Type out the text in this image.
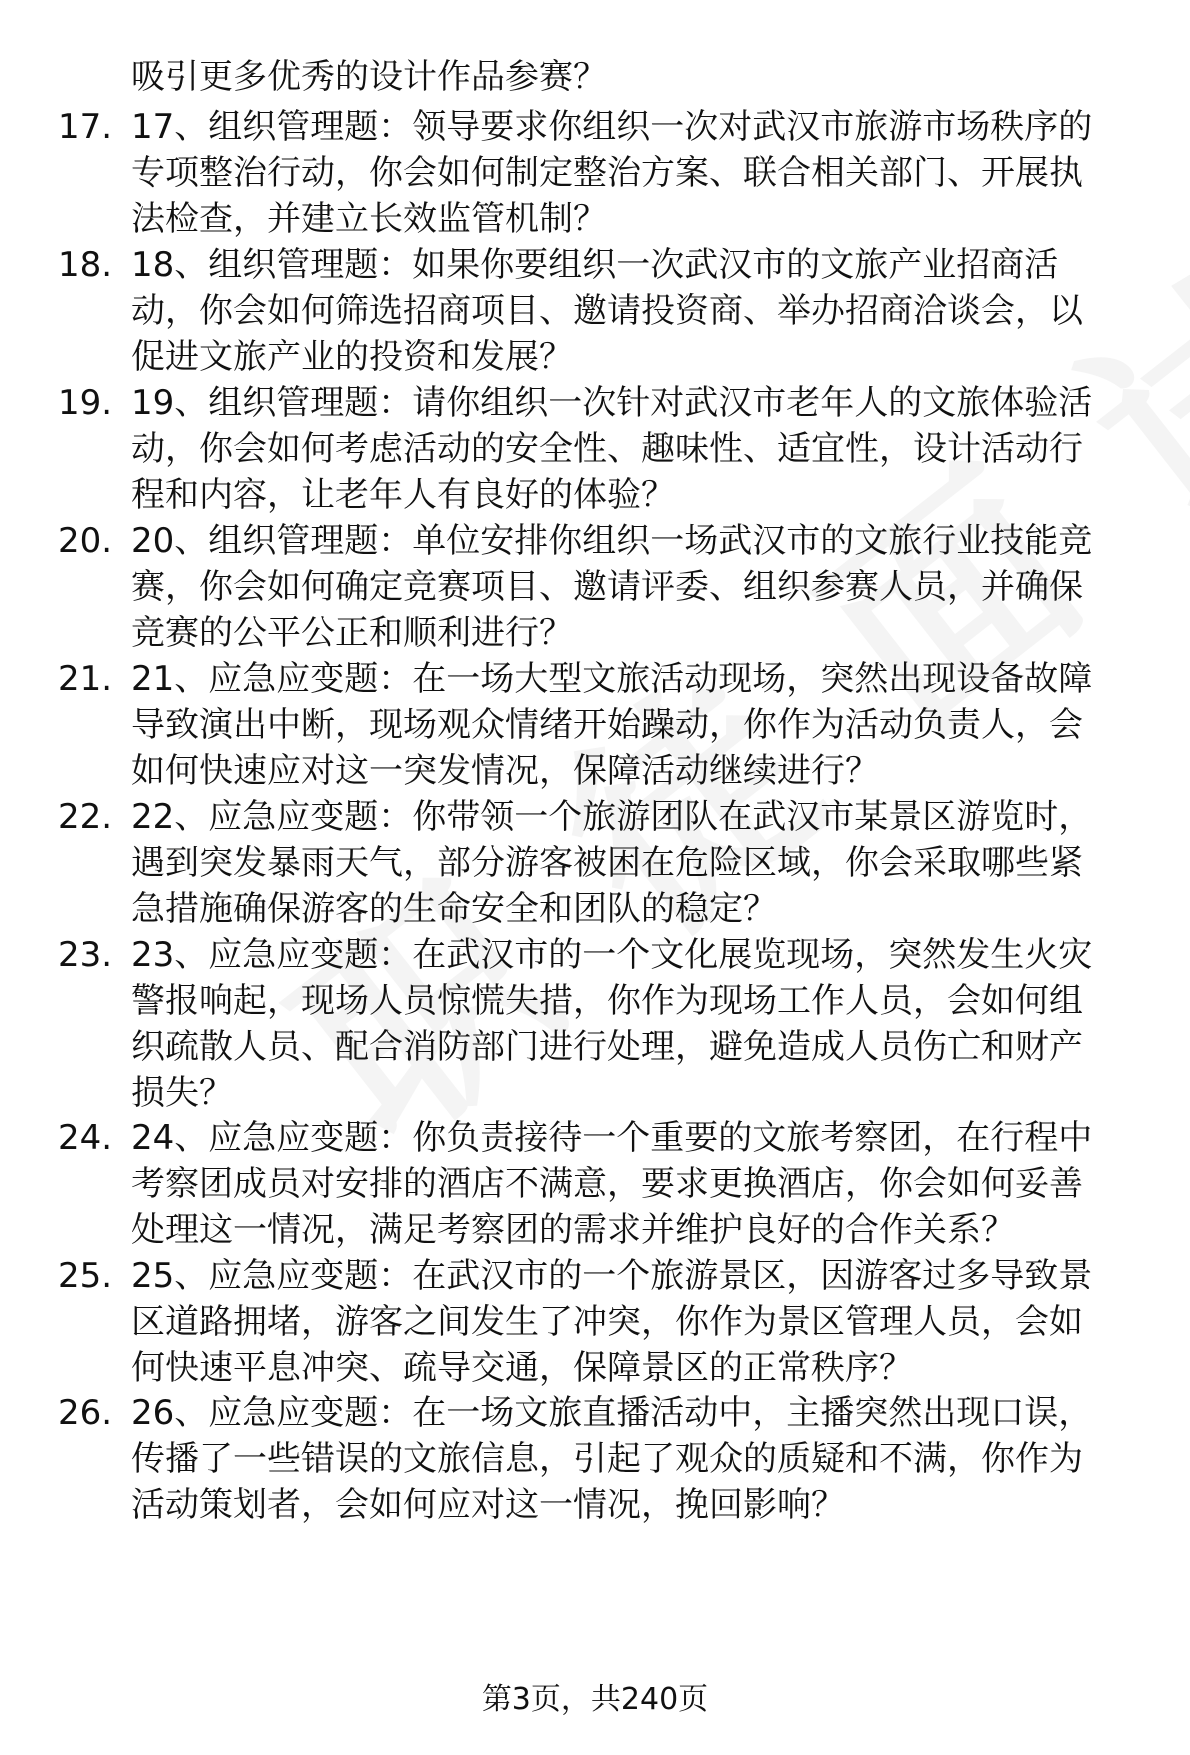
吸引更多优秀的设计作品参赛？
17. 17、组织管理题：领导要求你组织一次对武汉市旅游市场秩序的
专项整治行动，你会如何制定整治方案、联合相关部门、开展执
法检查，并建立长效监管机制？
18. 18、组织管理题：如果你要组织一次武汉市的文旅产业招商活
动，你会如何筛选招商项目、邀请投资商、举办招商洽谈会，以
促进文旅产业的投资和发展？
19. 19、组织管理题：请你组织一次针对武汉市老年人的文旅体验活
动，你会如何考虑活动的安全性、趣味性、适宜性，设计活动行
程和内容，让老年人有良好的体验？
20. 20、组织管理题：单位安排你组织一场武汉市的文旅行业技能竞
赛，你会如何确定竞赛项目、邀请评委、组织参赛人员，并确保
竞赛的公平公正和顺利进行？
21. 21、应急应变题：在一场大型文旅活动现场，突然出现设备故障
导致演出中断，现场观众情绪开始躁动，你作为活动负责人，会
如何快速应对这一突发情况，保障活动继续进行？
22. 22、应急应变题：你带领一个旅游团队在武汉市某景区游览时，
遇到突发暴雨天气，部分游客被困在危险区域，你会采取哪些紧
急措施确保游客的生命安全和团队的稳定？
23. 23、应急应变题：在武汉市的一个文化展览现场，突然发生火灾
警报响起，现场人员惊慌失措，你作为现场工作人员，会如何组
织疏散人员、配合消防部门进行处理，避免造成人员伤亡和财产
损失？
24. 24、应急应变题：你负责接待一个重要的文旅考察团，在行程中
考察团成员对安排的酒店不满意，要求更换酒店，你会如何妥善
处理这一情况，满足考察团的需求并维护良好的合作关系？
25. 25、应急应变题：在武汉市的一个旅游景区，因游客过多导致景
区道路拥堵，游客之间发生了冲突，你作为景区管理人员，会如
何快速平息冲突、疏导交通，保障景区的正常秩序？
26. 26、应急应变题：在一场文旅直播活动中，主播突然出现口误，
传播了一些错误的文旅信息，引起了观众的质疑和不满，你作为
活动策划者，会如何应对这一情况，挽回影响？
第3页，共240页
